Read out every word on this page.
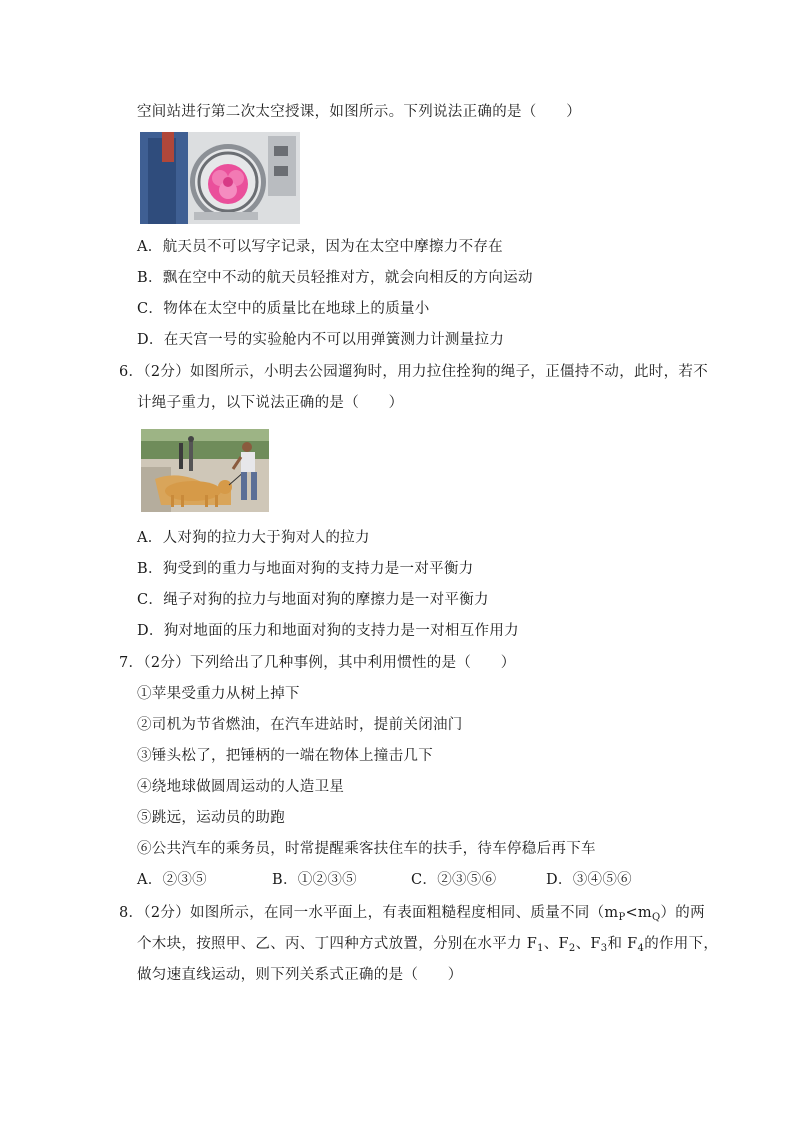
空间站进行第二次太空授课，如图所示。下列说法正确的是（　　）
A．航天员不可以写字记录，因为在太空中摩擦力不存在
B．飘在空中不动的航天员轻推对方，就会向相反的方向运动
C．物体在太空中的质量比在地球上的质量小
D．在天宫一号的实验舱内不可以用弹簧测力计测量拉力
6．（2分）如图所示，小明去公园遛狗时，用力拉住拴狗的绳子，正僵持不动，此时，若不
计绳子重力，以下说法正确的是（　　）
A．人对狗的拉力大于狗对人的拉力
B．狗受到的重力与地面对狗的支持力是一对平衡力
C．绳子对狗的拉力与地面对狗的摩擦力是一对平衡力
D．狗对地面的压力和地面对狗的支持力是一对相互作用力
7．（2分）下列给出了几种事例，其中利用惯性的是（　　）
①苹果受重力从树上掉下
②司机为节省燃油，在汽车进站时，提前关闭油门
③锤头松了，把锤柄的一端在物体上撞击几下
④绕地球做圆周运动的人造卫星
⑤跳远，运动员的助跑
⑥公共汽车的乘务员，时常提醒乘客扶住车的扶手，待车停稳后再下车
A．②③⑤	B．①②③⑤	C．②③⑤⑥	D．③④⑤⑥
8．（2分）如图所示，在同一水平面上，有表面粗糙程度相同、质量不同$(m_P<m_Q)$的两
个木块，按照甲、乙、丙、丁四种方式放置，分别在水平力 $F_1$、$F_2$、$F_3$和 $F_4$的作用下，
做匀速直线运动，则下列关系式正确的是（　　）
